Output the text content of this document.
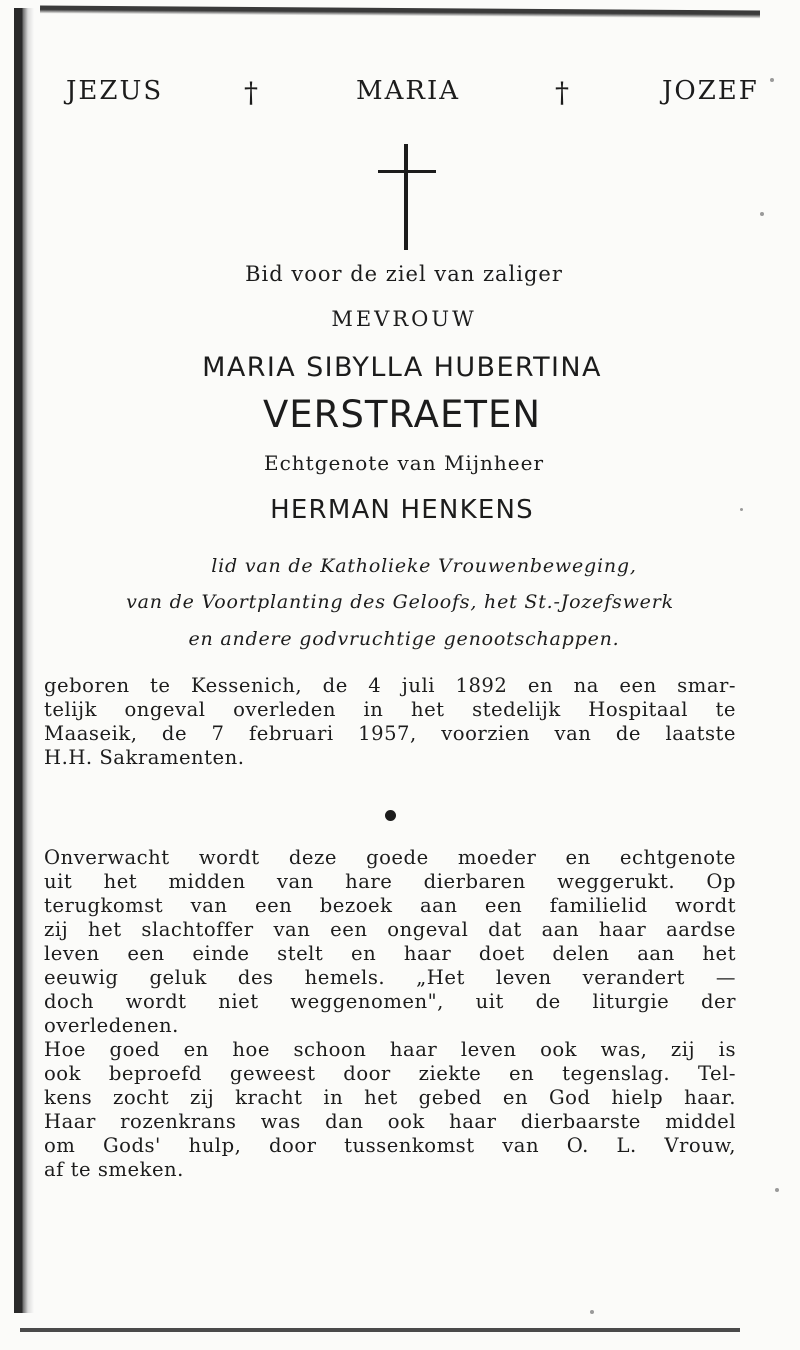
JEZUS	†	MARIA	†	JOZEF
Bid voor de ziel van zaliger
MEVROUW
MARIA SIBYLLA HUBERTINA
VERSTRAETEN
Echtgenote van Mijnheer
HERMAN HENKENS
lid van de Katholieke Vrouwenbeweging,
van de Voortplanting des Geloofs, het St.-Jozefswerk
en andere godvruchtige genootschappen.
geboren te Kessenich, de 4 juli 1892 en na een smar-
telijk ongeval overleden in het stedelijk Hospitaal te
Maaseik, de 7 februari 1957, voorzien van de laatste
H.H. Sakramenten.
Onverwacht wordt deze goede moeder en echtgenote
uit het midden van hare dierbaren weggerukt. Op
terugkomst van een bezoek aan een familielid wordt
zij het slachtoffer van een ongeval dat aan haar aardse
leven een einde stelt en haar doet delen aan het
eeuwig geluk des hemels. „Het leven verandert —
doch wordt niet weggenomen", uit de liturgie der
overledenen.
Hoe goed en hoe schoon haar leven ook was, zij is
ook beproefd geweest door ziekte en tegenslag. Tel-
kens zocht zij kracht in het gebed en God hielp haar.
Haar rozenkrans was dan ook haar dierbaarste middel
om Gods' hulp, door tussenkomst van O. L. Vrouw,
af te smeken.
